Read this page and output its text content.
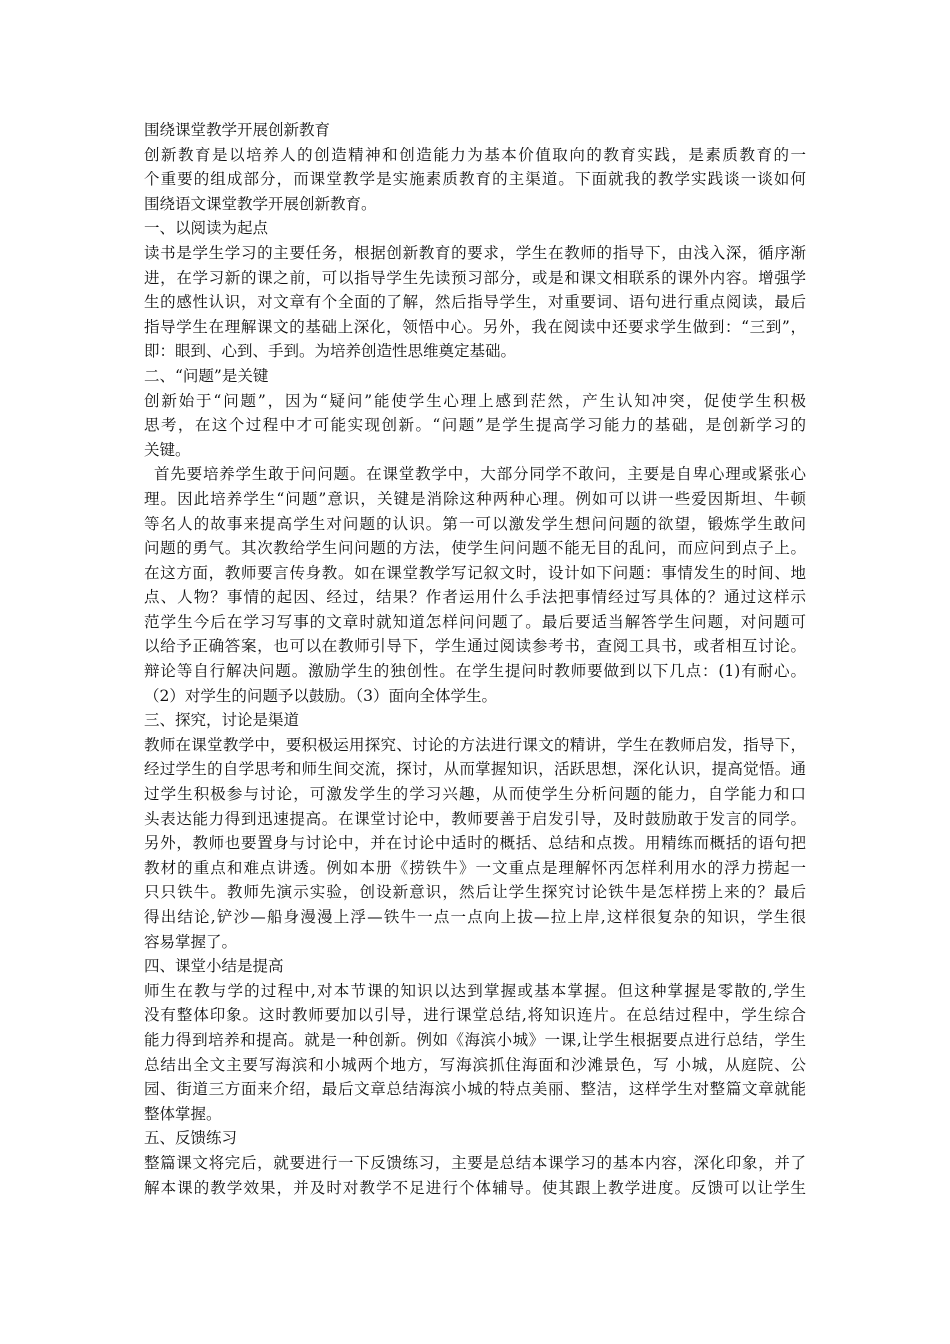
围绕课堂教学开展创新教育
创新教育是以培养人的创造精神和创造能力为基本价值取向的教育实践，是素质教育的一
个重要的组成部分，而课堂教学是实施素质教育的主渠道。下面就我的教学实践谈一谈如何
围绕语文课堂教学开展创新教育。
一、以阅读为起点
读书是学生学习的主要任务，根据创新教育的要求，学生在教师的指导下，由浅入深，循序渐
进，在学习新的课之前，可以指导学生先读预习部分，或是和课文相联系的课外内容。增强学
生的感性认识，对文章有个全面的了解，然后指导学生，对重要词、语句进行重点阅读，最后
指导学生在理解课文的基础上深化，领悟中心。另外，我在阅读中还要求学生做到：“三到”，
即：眼到、心到、手到。为培养创造性思维奠定基础。
二、“问题”是关键
创新始于“问题”，因为“疑问”能使学生心理上感到茫然，产生认知冲突，促使学生积极
思考，在这个过程中才可能实现创新。“问题”是学生提高学习能力的基础，是创新学习的
关键。
首先要培养学生敢于问问题。在课堂教学中，大部分同学不敢问，主要是自卑心理或紧张心
理。因此培养学生“问题”意识，关键是消除这种两种心理。例如可以讲一些爱因斯坦、牛顿
等名人的故事来提高学生对问题的认识。第一可以激发学生想问问题的欲望，锻炼学生敢问
问题的勇气。其次教给学生问问题的方法，使学生问问题不能无目的乱问，而应问到点子上。
在这方面，教师要言传身教。如在课堂教学写记叙文时，设计如下问题：事情发生的时间、地
点、人物？事情的起因、经过，结果？作者运用什么手法把事情经过写具体的？通过这样示
范学生今后在学习写事的文章时就知道怎样问问题了。最后要适当解答学生问题，对问题可
以给予正确答案，也可以在教师引导下，学生通过阅读参考书，查阅工具书，或者相互讨论。
辩论等自行解决问题。激励学生的独创性。在学生提问时教师要做到以下几点：(1)有耐心。
（2）对学生的问题予以鼓励。（3）面向全体学生。
三、探究，讨论是渠道
教师在课堂教学中，要积极运用探究、讨论的方法进行课文的精讲，学生在教师启发，指导下，
经过学生的自学思考和师生间交流，探讨，从而掌握知识，活跃思想，深化认识，提高觉悟。通
过学生积极参与讨论，可激发学生的学习兴趣，从而使学生分析问题的能力，自学能力和口
头表达能力得到迅速提高。在课堂讨论中，教师要善于启发引导，及时鼓励敢于发言的同学。
另外，教师也要置身与讨论中，并在讨论中适时的概括、总结和点拨。用精练而概括的语句把
教材的重点和难点讲透。例如本册《捞铁牛》一文重点是理解怀丙怎样利用水的浮力捞起一
只只铁牛。教师先演示实验，创设新意识，然后让学生探究讨论铁牛是怎样捞上来的？最后
得出结论,铲沙—船身漫漫上浮—铁牛一点一点向上拔—拉上岸,这样很复杂的知识，学生很
容易掌握了。
四、课堂小结是提高
师生在教与学的过程中,对本节课的知识以达到掌握或基本掌握。但这种掌握是零散的,学生
没有整体印象。这时教师要加以引导，进行课堂总结,将知识连片。在总结过程中，学生综合
能力得到培养和提高。就是一种创新。例如《海滨小城》一课,让学生根据要点进行总结，学生
总结出全文主要写海滨和小城两个地方，写海滨抓住海面和沙滩景色，写 小城，从庭院、公
园、街道三方面来介绍，最后文章总结海滨小城的特点美丽、整洁，这样学生对整篇文章就能
整体掌握。
五、反馈练习
整篇课文将完后，就要进行一下反馈练习，主要是总结本课学习的基本内容，深化印象，并了
解本课的教学效果，并及时对教学不足进行个体辅导。使其跟上教学进度。反馈可以让学生
